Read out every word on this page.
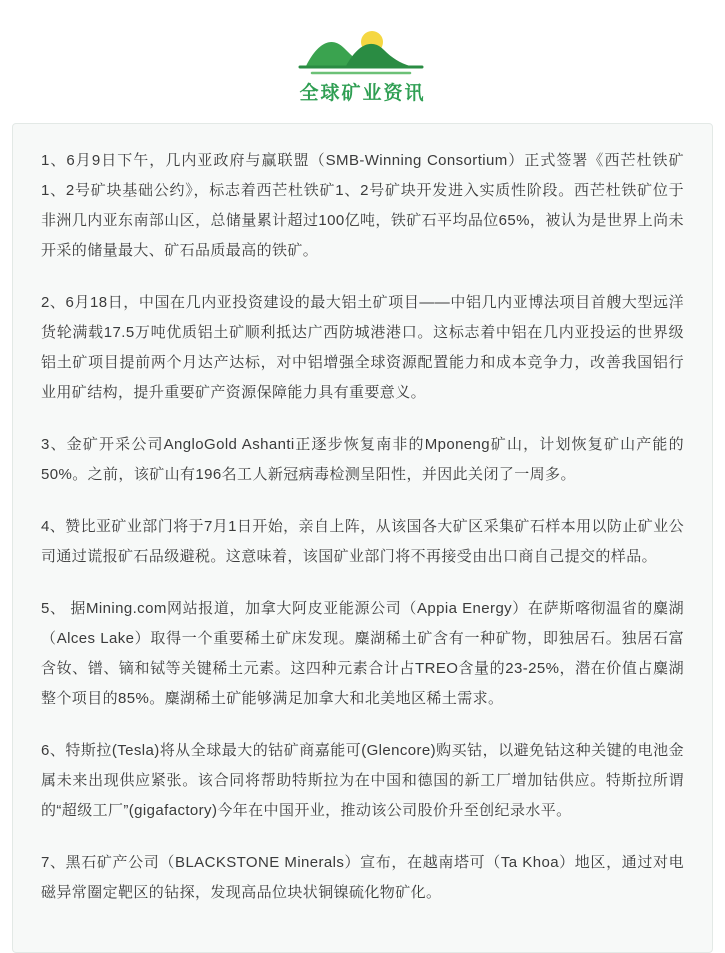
全球矿业资讯

1、6月9日下午，几内亚政府与赢联盟（SMB-Winning Consortium）正式签署《西芒杜铁矿1、2号矿块基础公约》，标志着西芒杜铁矿1、2号矿块开发进入实质性阶段。西芒杜铁矿位于非洲几内亚东南部山区，总储量累计超过100亿吨，铁矿石平均品位65%，被认为是世界上尚未开采的储量最大、矿石品质最高的铁矿。

2、6月18日，中国在几内亚投资建设的最大铝土矿项目——中铝几内亚博法项目首艘大型远洋货轮满载17.5万吨优质铝土矿顺利抵达广西防城港港口。这标志着中铝在几内亚投运的世界级铝土矿项目提前两个月达产达标，对中铝增强全球资源配置能力和成本竞争力，改善我国铝行业用矿结构，提升重要矿产资源保障能力具有重要意义。

3、金矿开采公司AngloGold Ashanti正逐步恢复南非的Mponeng矿山，计划恢复矿山产能的50%。之前，该矿山有196名工人新冠病毒检测呈阳性，并因此关闭了一周多。

4、赞比亚矿业部门将于7月1日开始，亲自上阵，从该国各大矿区采集矿石样本用以防止矿业公司通过谎报矿石品级避税。这意味着，该国矿业部门将不再接受由出口商自己提交的样品。

5、 据Mining.com网站报道，加拿大阿皮亚能源公司（Appia Energy）在萨斯喀彻温省的麋湖（Alces Lake）取得一个重要稀土矿床发现。麋湖稀土矿含有一种矿物，即独居石。独居石富含钕、镨、镝和铽等关键稀土元素。这四种元素合计占TREO含量的23-25%，潜在价值占麋湖整个项目的85%。麋湖稀土矿能够满足加拿大和北美地区稀土需求。

6、特斯拉(Tesla)将从全球最大的钴矿商嘉能可(Glencore)购买钴，以避免钴这种关键的电池金属未来出现供应紧张。该合同将帮助特斯拉为在中国和德国的新工厂增加钴供应。特斯拉所谓的“超级工厂”(gigafactory)今年在中国开业，推动该公司股价升至创纪录水平。

7、黑石矿产公司（BLACKSTONE Minerals）宣布，在越南塔可（Ta Khoa）地区，通过对电磁异常圈定靶区的钻探，发现高品位块状铜镍硫化物矿化。
